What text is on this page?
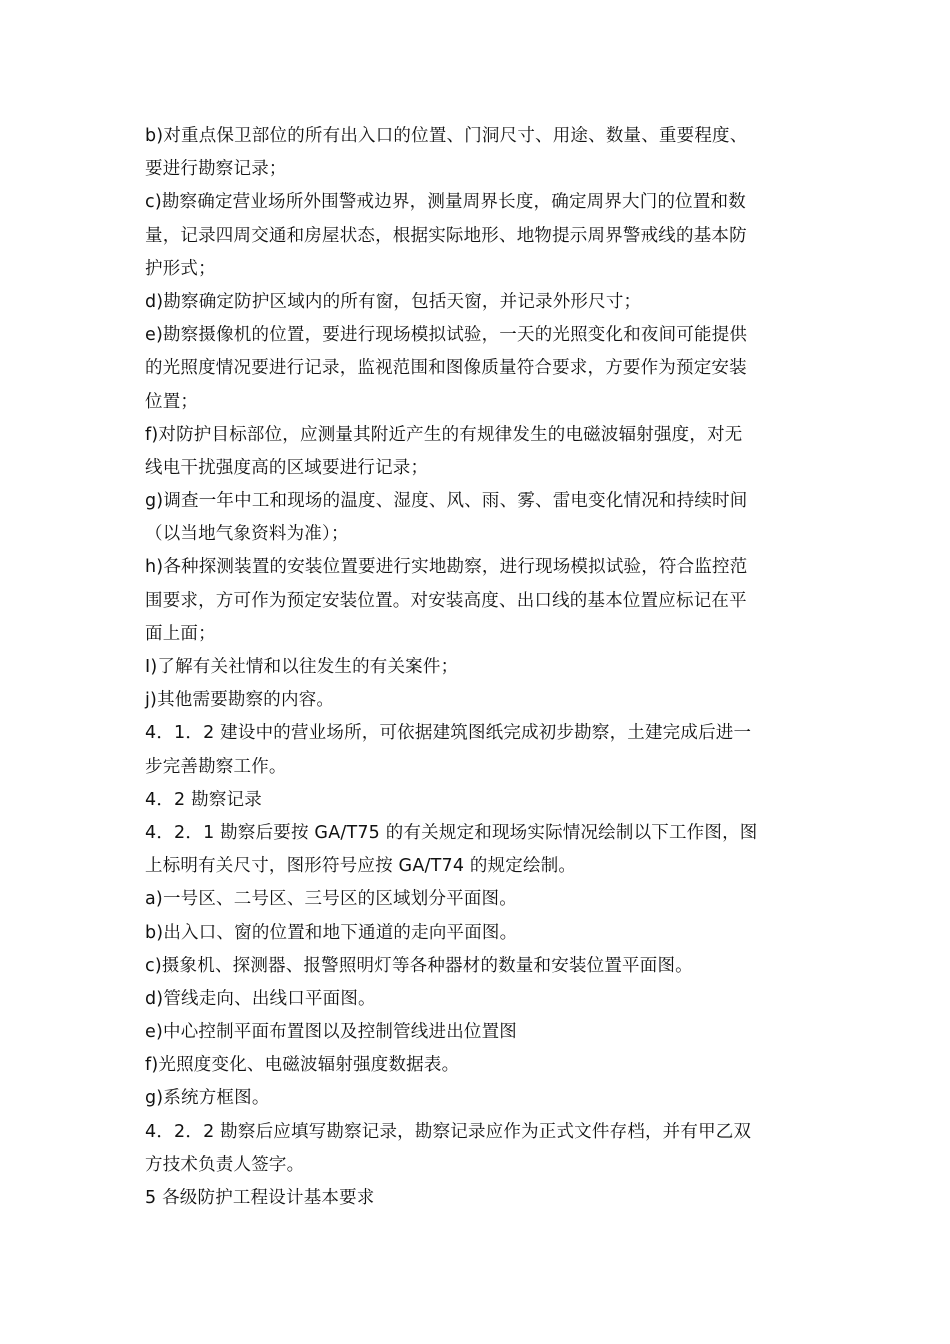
b)对重点保卫部位的所有出入口的位置、门洞尺寸、用途、数量、重要程度、
要进行勘察记录；
c)勘察确定营业场所外围警戒边界，测量周界长度，确定周界大门的位置和数
量，记录四周交通和房屋状态，根据实际地形、地物提示周界警戒线的基本防
护形式；
d)勘察确定防护区域内的所有窗，包括天窗，并记录外形尺寸；
e)勘察摄像机的位置，要进行现场模拟试验，一天的光照变化和夜间可能提供
的光照度情况要进行记录，监视范围和图像质量符合要求，方要作为预定安装
位置；
f)对防护目标部位，应测量其附近产生的有规律发生的电磁波辐射强度，对无
线电干扰强度高的区域要进行记录；
g)调查一年中工和现场的温度、湿度、风、雨、雾、雷电变化情况和持续时间
（以当地气象资料为准）；
h)各种探测装置的安装位置要进行实地勘察，进行现场模拟试验，符合监控范
围要求，方可作为预定安装位置。对安装高度、出口线的基本位置应标记在平
面上面；
I)了解有关社情和以往发生的有关案件；
j)其他需要勘察的内容。
4．1．2 建设中的营业场所，可依据建筑图纸完成初步勘察，土建完成后进一
步完善勘察工作。
4．2 勘察记录
4．2．1 勘察后要按 GA/T75 的有关规定和现场实际情况绘制以下工作图，图
上标明有关尺寸，图形符号应按 GA/T74 的规定绘制。
a)一号区、二号区、三号区的区域划分平面图。
b)出入口、窗的位置和地下通道的走向平面图。
c)摄象机、探测器、报警照明灯等各种器材的数量和安装位置平面图。
d)管线走向、出线口平面图。
e)中心控制平面布置图以及控制管线进出位置图
f)光照度变化、电磁波辐射强度数据表。
g)系统方框图。
4．2．2 勘察后应填写勘察记录，勘察记录应作为正式文件存档，并有甲乙双
方技术负责人签字。
5 各级防护工程设计基本要求
